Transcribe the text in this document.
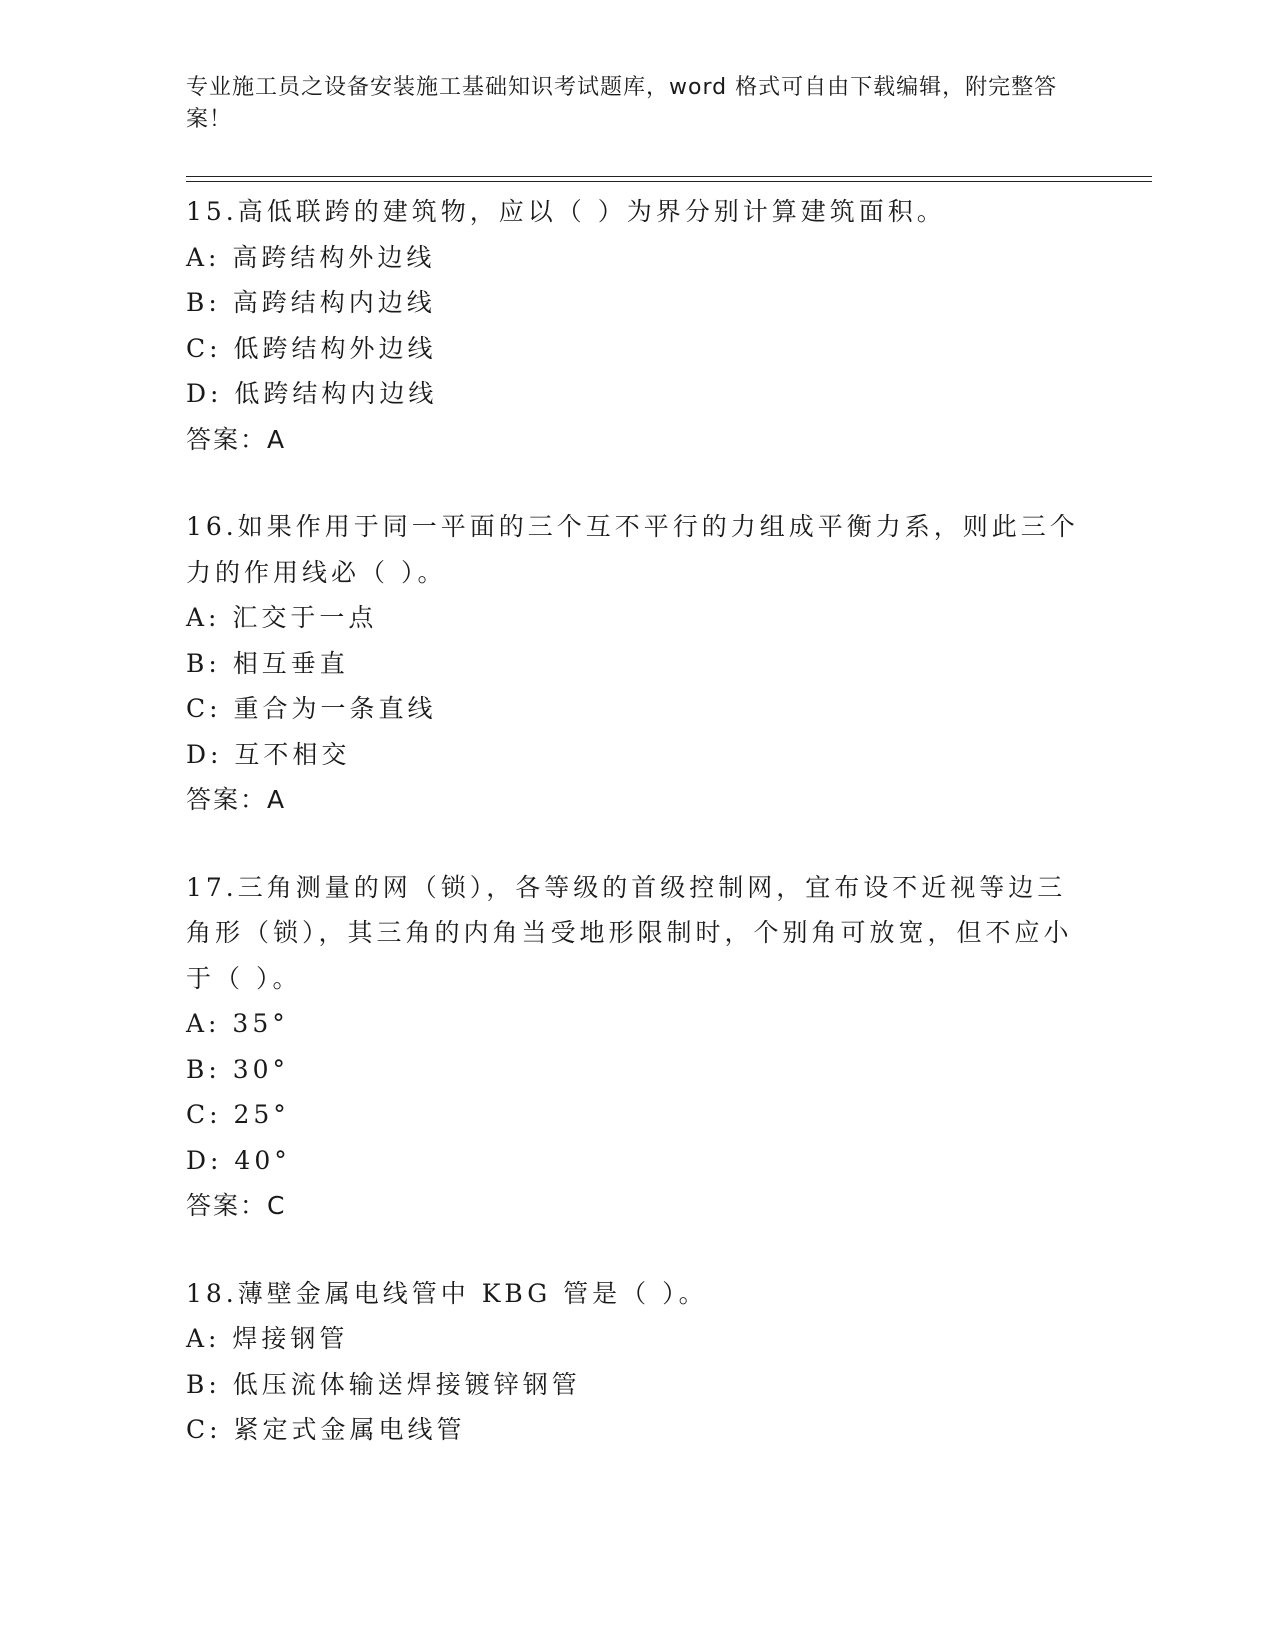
专业施工员之设备安装施工基础知识考试题库，word 格式可自由下载编辑，附完整答案！

15.高低联跨的建筑物，应以（ ）为界分别计算建筑面积。

A: 高跨结构外边线

B: 高跨结构内边线

C: 低跨结构外边线

D: 低跨结构内边线

答案：A

16.如果作用于同一平面的三个互不平行的力组成平衡力系，则此三个力的作用线必（ ）。

A: 汇交于一点

B: 相互垂直

C: 重合为一条直线

D: 互不相交

答案：A

17.三角测量的网（锁），各等级的首级控制网，宜布设不近视等边三角形（锁），其三角的内角当受地形限制时，个别角可放宽，但不应小于（ ）。

A: 35°

B: 30°

C: 25°

D: 40°

答案：C

18.薄壁金属电线管中 KBG 管是（ ）。

A: 焊接钢管

B: 低压流体输送焊接镀锌钢管

C: 紧定式金属电线管
